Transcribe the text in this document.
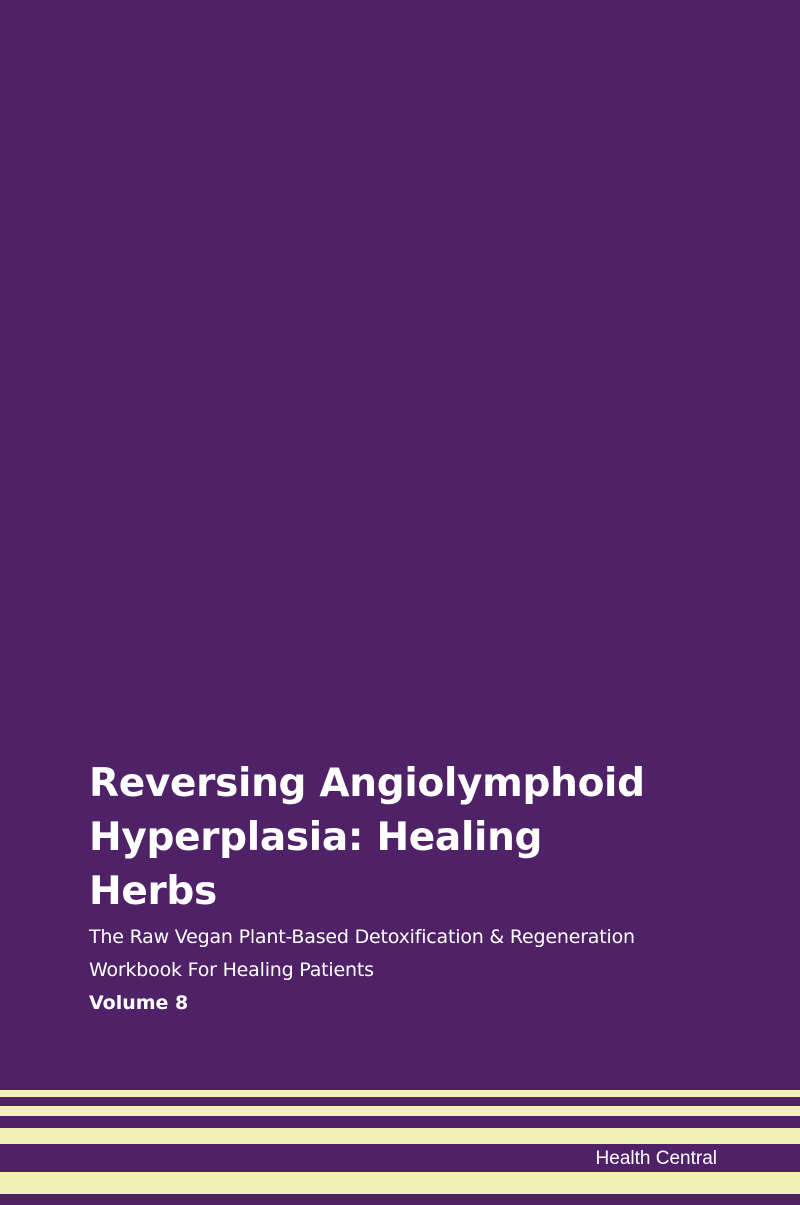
Reversing Angiolymphoid
Hyperplasia: Healing
Herbs
The Raw Vegan Plant-Based Detoxification & Regeneration
Workbook For Healing Patients
Volume 8
Health Central
